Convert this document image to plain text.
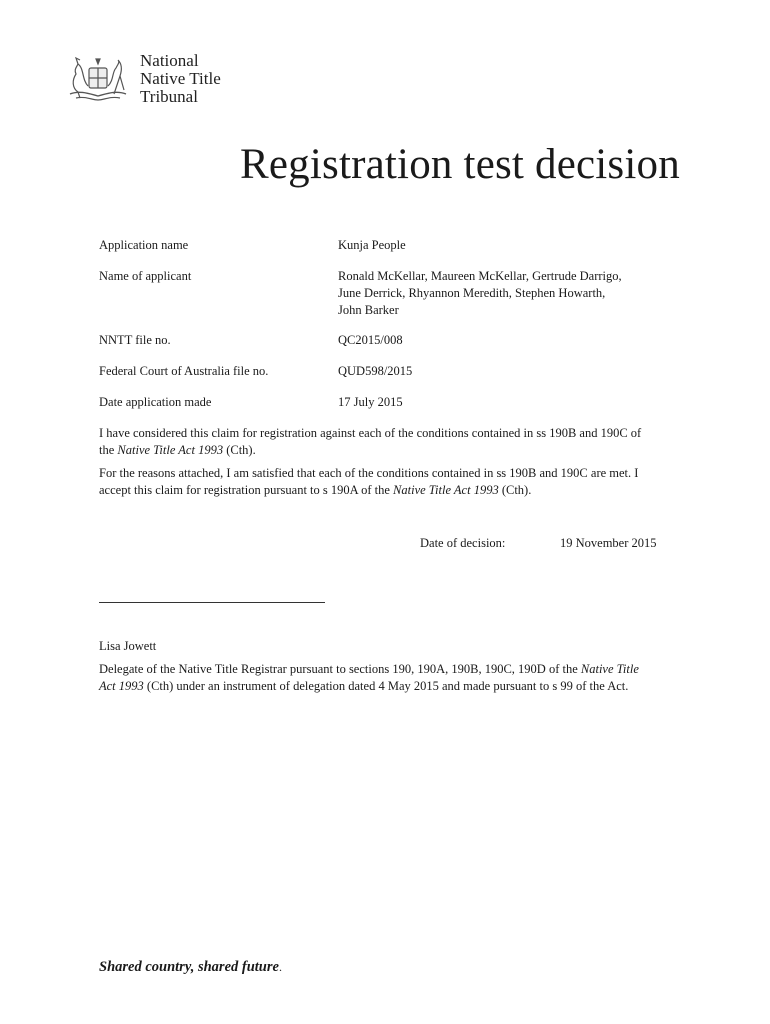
National
Native Title
Tribunal
Registration test decision
Application name	Kunja People
Name of applicant	Ronald McKellar, Maureen McKellar, Gertrude Darrigo,
June Derrick, Rhyannon Meredith, Stephen Howarth,
John Barker
NNTT file no.	QC2015/008
Federal Court of Australia file no.	QUD598/2015
Date application made	17 July 2015
I have considered this claim for registration against each of the conditions contained in ss 190B and 190C of
the Native Title Act 1993 (Cth).
For the reasons attached, I am satisfied that each of the conditions contained in ss 190B and 190C are met. I
accept this claim for registration pursuant to s 190A of the Native Title Act 1993 (Cth).
Date of decision:	19 November 2015
Lisa Jowett
Delegate of the Native Title Registrar pursuant to sections 190, 190A, 190B, 190C, 190D of the Native Title
Act 1993 (Cth) under an instrument of delegation dated 4 May 2015 and made pursuant to s 99 of the Act.
Shared country, shared future.
